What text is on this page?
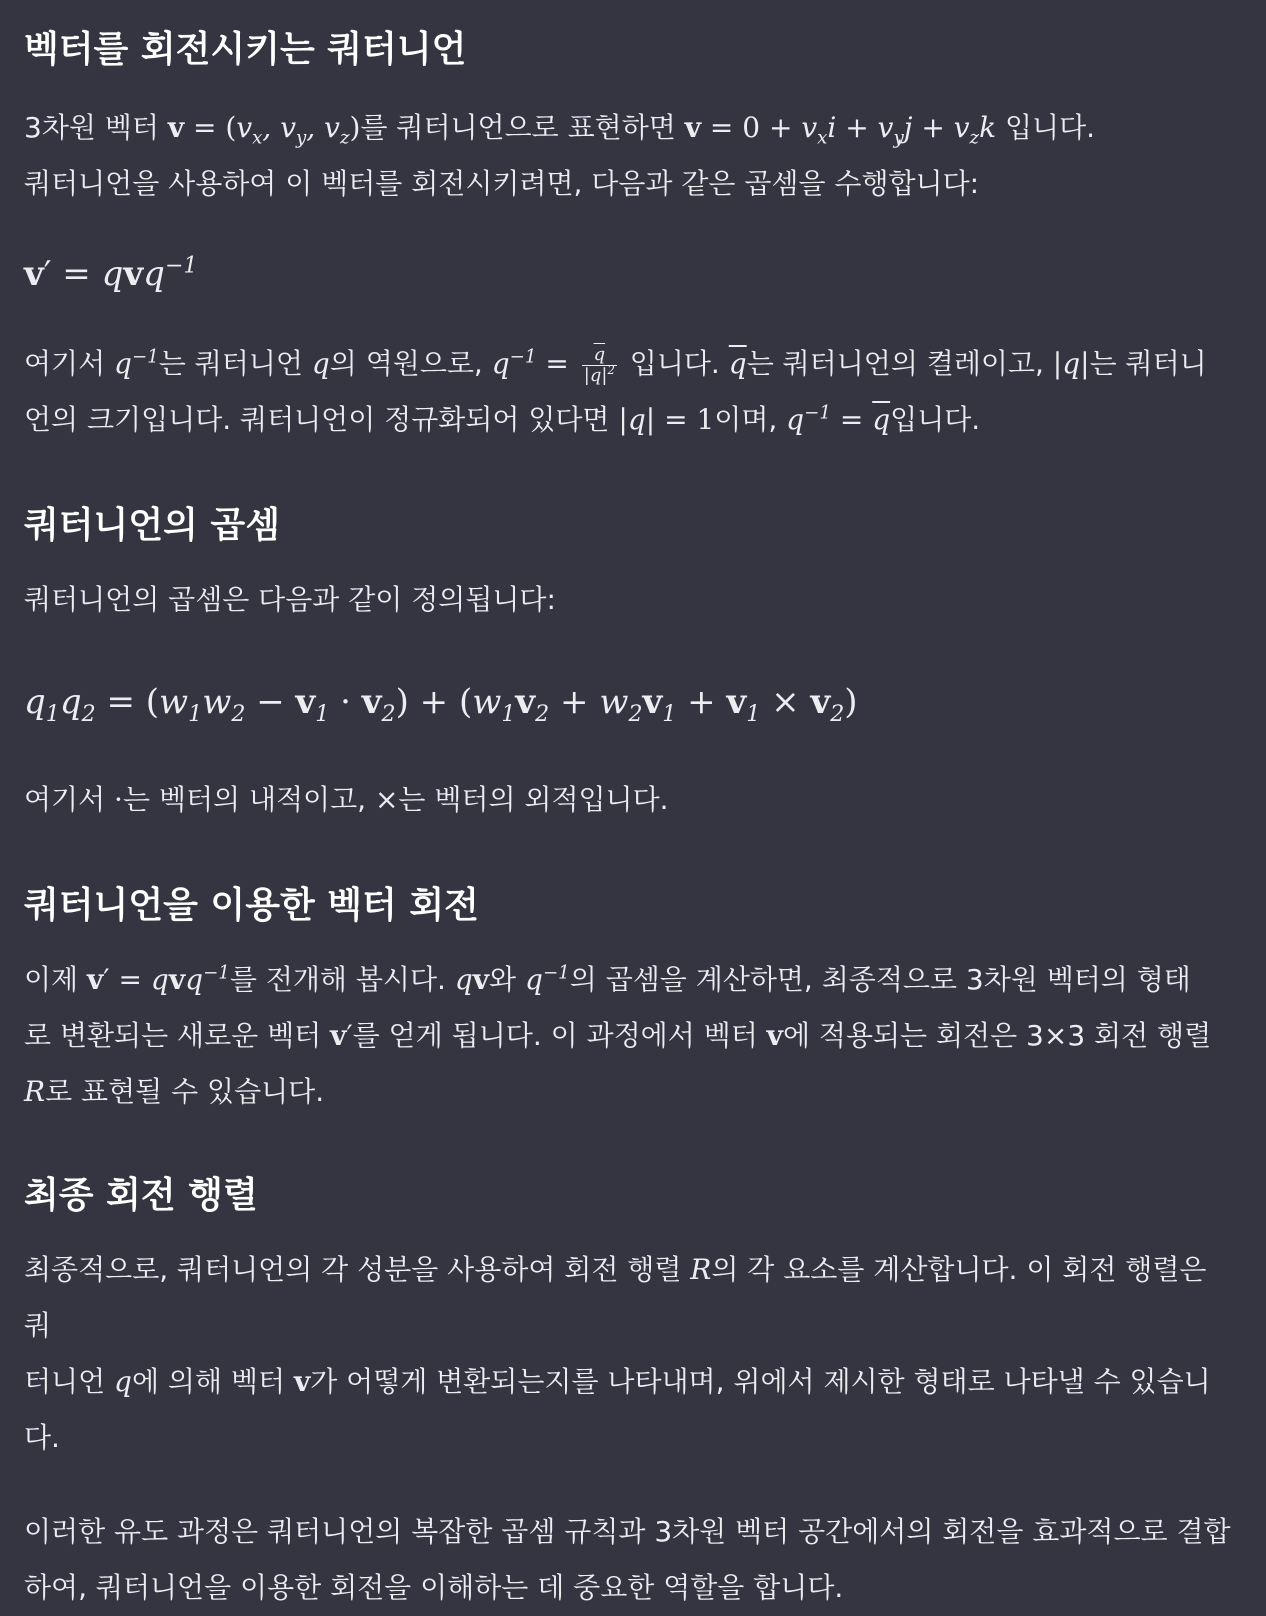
벡터를 회전시키는 쿼터니언

3차원 벡터 $v = (v_x$, $v_y$, $v_z$)를 쿼터니언으로 표현하면 $v = 0 + v_xi + v_yj + v_zk$ 입니다.
쿼터니언을 사용하여 이 벡터를 회전시키려면, 다음과 같은 곱셈을 수행합니다:

v′ = qvq$^{-1}$

여기서 $q^{-1}$는 쿼터니언 q의 역원으로, $q^{-1} = \frac{\overline{q}}{|q|^2}$ 입니다. $\overline{q}$는 쿼터니언의 켤레이고, |q|는 쿼터니
언의 크기입니다. 쿼터니언이 정규화되어 있다면 |q| = 1이며, $q^{-1} = \overline{q}$입니다.

쿼터니언의 곱셈

쿼터니언의 곱셈은 다음과 같이 정의됩니다:

$q_1q_2 = (w_1w_2 - v_1 \cdot v_2) + (w_1v_2 + w_2v_1 + v_1 \times v_2)$

여기서 ·는 벡터의 내적이고, ×는 벡터의 외적입니다.

쿼터니언을 이용한 벡터 회전

이제 v′ = qvq$^{-1}$를 전개해 봅시다. qv와 $q^{-1}$의 곱셈을 계산하면, 최종적으로 3차원 벡터의 형태
로 변환되는 새로운 벡터 v′를 얻게 됩니다. 이 과정에서 벡터 v에 적용되는 회전은 3×3 회전 행렬
R로 표현될 수 있습니다.

최종 회전 행렬

최종적으로, 쿼터니언의 각 성분을 사용하여 회전 행렬 R의 각 요소를 계산합니다. 이 회전 행렬은 쿼
터니언 q에 의해 벡터 v가 어떻게 변환되는지를 나타내며, 위에서 제시한 형태로 나타낼 수 있습니다.

이러한 유도 과정은 쿼터니언의 복잡한 곱셈 규칙과 3차원 벡터 공간에서의 회전을 효과적으로 결합하여, 쿼터니언을 이용한 회전을 이해하는 데 중요한 역할을 합니다.
